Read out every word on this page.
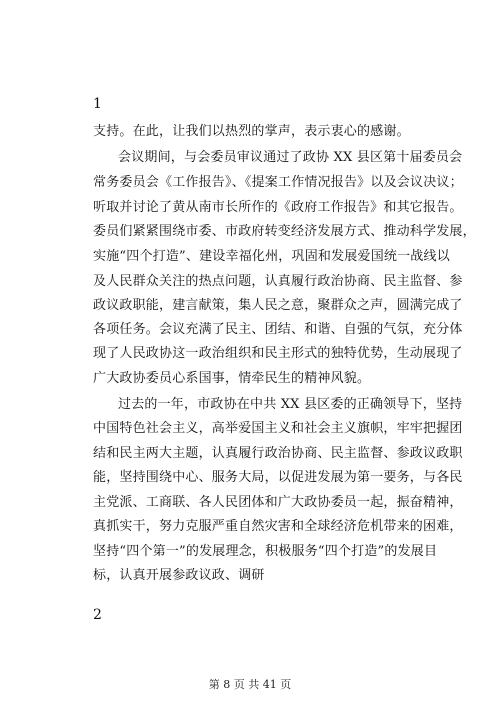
1
支持。在此，让我们以热烈的掌声，表示衷心的感谢。
会议期间，与会委员审议通过了政协 XX 县区第十届委员会
常务委员会《工作报告》、《提案工作情况报告》以及会议决议；
听取并讨论了黄从南市长所作的《政府工作报告》和其它报告。
委员们紧紧围绕市委、市政府转变经济发展方式、推动科学发展，
实施“四个打造”、建设幸福化州，巩固和发展爱国统一战线以
及人民群众关注的热点问题，认真履行政治协商、民主监督、参
政议政职能，建言献策，集人民之意，聚群众之声，圆满完成了
各项任务。会议充满了民主、团结、和谐、自强的气氛，充分体
现了人民政协这一政治组织和民主形式的独特优势，生动展现了
广大政协委员心系国事，情牵民生的精神风貌。
过去的一年，市政协在中共 XX 县区委的正确领导下，坚持
中国特色社会主义，高举爱国主义和社会主义旗帜，牢牢把握团
结和民主两大主题，认真履行政治协商、民主监督、参政议政职
能，坚持围绕中心、服务大局，以促进发展为第一要务，与各民
主党派、工商联、各人民团体和广大政协委员一起，振奋精神，
真抓实干，努力克服严重自然灾害和全球经济危机带来的困难，
坚持“四个第一”的发展理念，积极服务“四个打造”的发展目
标，认真开展参政议政、调研
2
第 8 页 共 41 页
